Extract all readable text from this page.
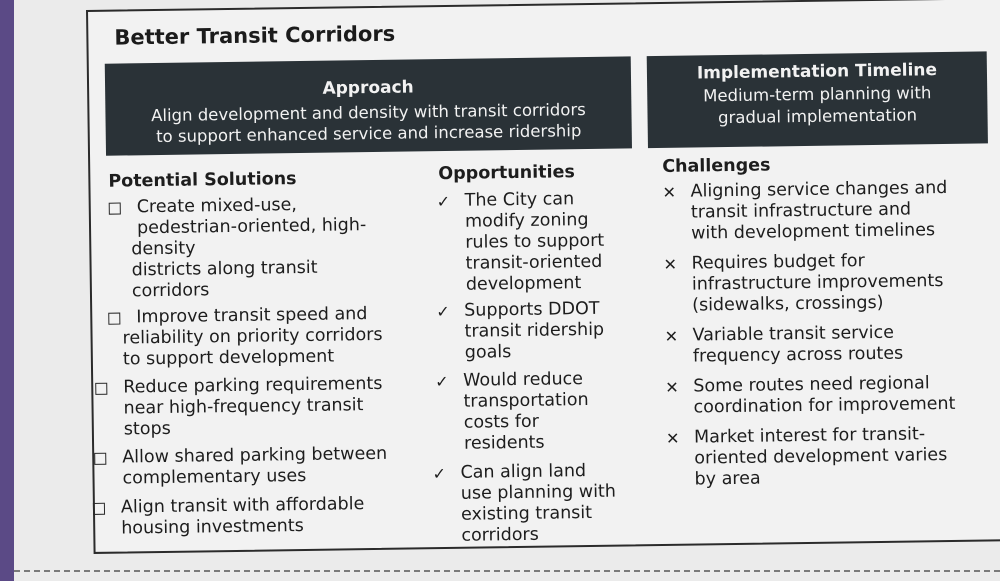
Better Transit Corridors
Approach
Align development and density with transit corridors
to support enhanced service and increase ridership
Implementation Timeline
Medium-term planning with
gradual implementation
Potential Solutions
Create mixed-use,
pedestrian-oriented, high-
density
districts along transit
corridors
Improve transit speed and
reliability on priority corridors
to support development
Reduce parking requirements
near high-frequency transit
stops
Allow shared parking between
complementary uses
Align transit with affordable
housing investments
Opportunities
✓ The City can
modify zoning
rules to support
transit-oriented
development
✓ Supports DDOT
transit ridership
goals
✓ Would reduce
transportation
costs for
residents
✓ Can align land
use planning with
existing transit
corridors
Challenges
✕ Aligning service changes and
transit infrastructure and
with development timelines
✕ Requires budget for
infrastructure improvements
(sidewalks, crossings)
✕ Variable transit service
frequency across routes
✕ Some routes need regional
coordination for improvement
✕ Market interest for transit-
oriented development varies
by area
